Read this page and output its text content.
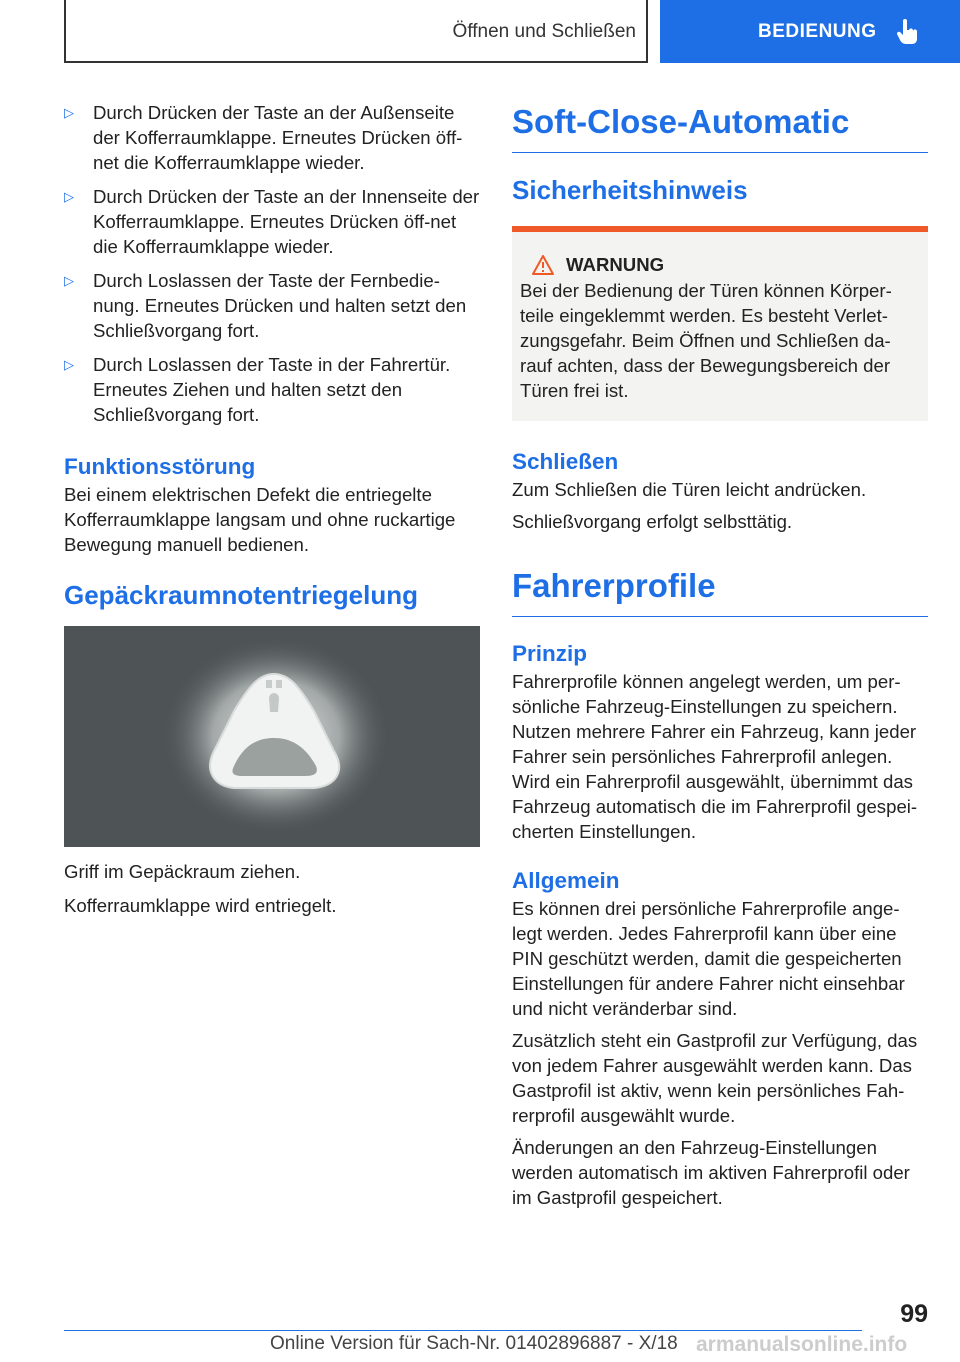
Öffnen und Schließen	BEDIENUNG
▷	Durch Drücken der Taste an der Außenseite der Kofferraumklappe. Erneutes Drücken öff‐net die Kofferraumklappe wieder.

▷	Durch Drücken der Taste an der Innenseite der Kofferraumklappe. Erneutes Drücken öff‐net die Kofferraumklappe wieder.

▷	Durch Loslassen der Taste der Fernbedie‐nung. Erneutes Drücken und halten setzt den Schließvorgang fort.

▷	Durch Loslassen der Taste in der Fahrertür. Erneutes Ziehen und halten setzt den Schließvorgang fort.

Funktionsstörung

Bei einem elektrischen Defekt die entriegelte Kofferraumklappe langsam und ohne ruckartige Bewegung manuell bedienen.

Gepäckraumnotentriegelung

Griff im Gepäckraum ziehen.

Kofferraumklappe wird entriegelt.

Soft-Close-Automatic
Sicherheitshinweis
WARNUNG

Bei der Bedienung der Türen können Körper‐teile eingeklemmt werden. Es besteht Verlet‐zungsgefahr. Beim Öffnen und Schließen da‐rauf achten, dass der Bewegungsbereich der Türen frei ist.

Schließen

Zum Schließen die Türen leicht andrücken.

Schließvorgang erfolgt selbsttätig.

Fahrerprofile
Prinzip

Fahrerprofile können angelegt werden, um per‐sönliche Fahrzeug-Einstellungen zu speichern. Nutzen mehrere Fahrer ein Fahrzeug, kann jeder Fahrer sein persönliches Fahrerprofil anlegen. Wird ein Fahrerprofil ausgewählt, übernimmt das Fahrzeug automatisch die im Fahrerprofil gespei‐cherten Einstellungen.

Allgemein

Es können drei persönliche Fahrerprofile ange‐legt werden. Jedes Fahrerprofil kann über eine PIN geschützt werden, damit die gespeicherten Einstellungen für andere Fahrer nicht einsehbar und nicht veränderbar sind.

Zusätzlich steht ein Gastprofil zur Verfügung, das von jedem Fahrer ausgewählt werden kann. Das Gastprofil ist aktiv, wenn kein persönliches Fah‐rerprofil ausgewählt wurde.

Änderungen an den Fahrzeug-Einstellungen werden automatisch im aktiven Fahrerprofil oder im Gastprofil gespeichert.

99
Online Version für Sach-Nr. 01402896887 - X/18 armanualsonline.info
